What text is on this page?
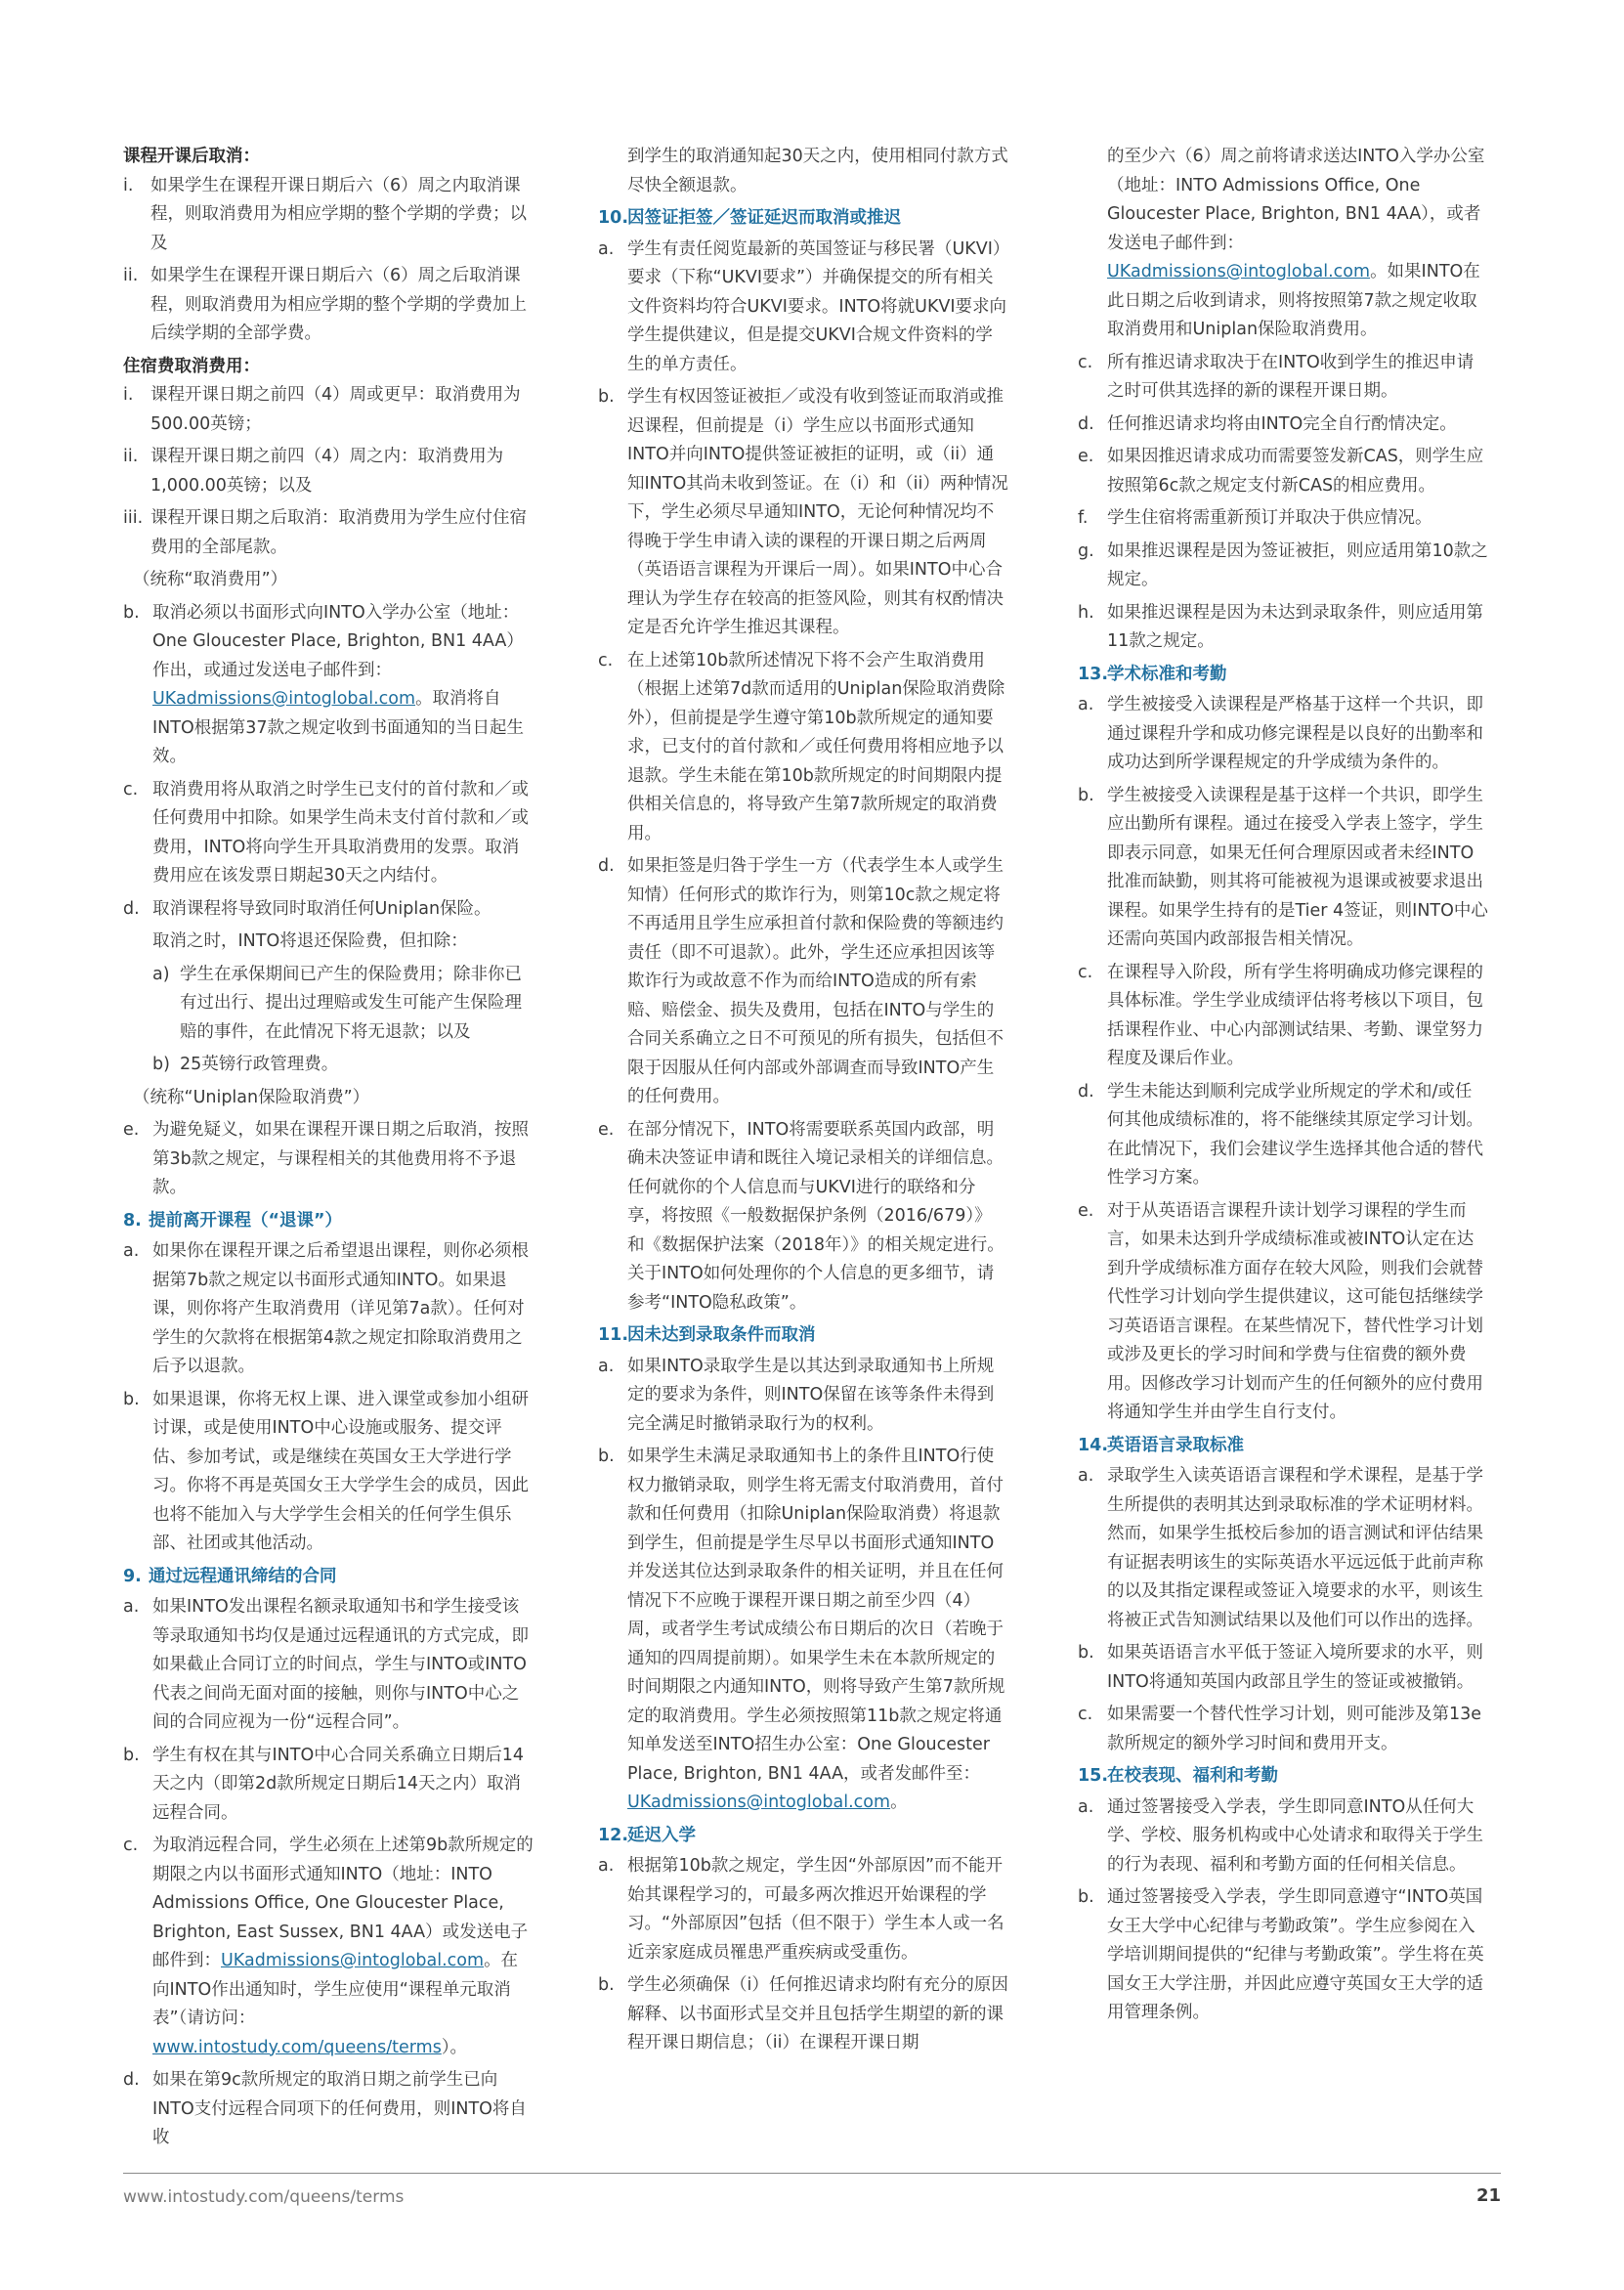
课程开课后取消：

i.	如果学生在课程开课日期后六（6）周之内取消课程，则取消费用为相应学期的整个学期的学费；以及
ii. 如果学生在课程开课日期后六（6）周之后取消课程，则取消费用为相应学期的整个学期的学费加上后续学期的全部学费。

住宿费取消费用：

i.	课程开课日期之前四（4）周或更早：取消费用为500.00英镑；
ii. 课程开课日期之前四（4）周之内：取消费用为1,000.00英镑；以及
iii. 课程开课日期之后取消：取消费用为学生应付住宿费用的全部尾款。

（统称“取消费用”）

b. 取消必须以书面形式向INTO入学办公室（地址：One Gloucester Place, Brighton, BN1 4AA）作出，或通过发送电子邮件到：UKadmissions@intoglobal.com。取消将自INTO根据第37款之规定收到书面通知的当日起生效。
c. 取消费用将从取消之时学生已支付的首付款和／或任何费用中扣除。如果学生尚未支付首付款和／或费用，INTO将向学生开具取消费用的发票。取消费用应在该发票日期起30天之内结付。
d. 取消课程将导致同时取消任何Uniplan保险。

取消之时，INTO将退还保险费，但扣除：

a) 学生在承保期间已产生的保险费用；除非你已有过出行、提出过理赔或发生可能产生保险理赔的事件，在此情况下将无退款；以及
b) 25英镑行政管理费。

（统称“Uniplan保险取消费”）

e. 为避免疑义，如果在课程开课日期之后取消，按照第3b款之规定，与课程相关的其他费用将不予退款。
8. 提前离开课程（“退课”）
a. 如果你在课程开课之后希望退出课程，则你必须根据第7b款之规定以书面形式通知INTO。如果退课，则你将产生取消费用（详见第7a款）。任何对学生的欠款将在根据第4款之规定扣除取消费用之后予以退款。
b. 如果退课，你将无权上课、进入课堂或参加小组研讨课，或是使用INTO中心设施或服务、提交评估、参加考试，或是继续在英国女王大学进行学习。你将不再是英国女王大学学生会的成员，因此也将不能加入与大学学生会相关的任何学生俱乐部、社团或其他活动。
9. 通过远程通讯缔结的合同
a. 如果INTO发出课程名额录取通知书和学生接受该等录取通知书均仅是通过远程通讯的方式完成，即如果截止合同订立的时间点，学生与INTO或INTO代表之间尚无面对面的接触，则你与INTO中心之间的合同应视为一份“远程合同”。
b. 学生有权在其与INTO中心合同关系确立日期后14天之内（即第2d款所规定日期后14天之内）取消远程合同。
c. 为取消远程合同，学生必须在上述第9b款所规定的期限之内以书面形式通知INTO（地址：INTO Admissions Office, One Gloucester Place, Brighton, East Sussex, BN1 4AA）或发送电子邮件到：UKadmissions@intoglobal.com。在向INTO作出通知时，学生应使用“课程单元取消表”（请访问：www.intostudy.com/queens/terms）。
d. 如果在第9c款所规定的取消日期之前学生已向INTO支付远程合同项下的任何费用，则INTO将自收

到学生的取消通知起30天之内，使用相同付款方式尽快全额退款。

10.
因签证拒签／签证延迟而取消或推迟
a. 学生有责任阅览最新的英国签证与移民署（UKVI）要求（下称“UKVI要求”）并确保提交的所有相关文件资料均符合UKVI要求。INTO将就UKVI要求向学生提供建议，但是提交UKVI合规文件资料的学生的单方责任。
b. 学生有权因签证被拒／或没有收到签证而取消或推迟课程，但前提是（i）学生应以书面形式通知INTO并向INTO提供签证被拒的证明，或（ii）通知INTO其尚未收到签证。在（i）和（ii）两种情况下，学生必须尽早通知INTO，无论何种情况均不得晚于学生申请入读的课程的开课日期之后两周（英语语言课程为开课后一周）。如果INTO中心合理认为学生存在较高的拒签风险，则其有权酌情决定是否允许学生推迟其课程。
c. 在上述第10b款所述情况下将不会产生取消费用（根据上述第7d款而适用的Uniplan保险取消费除外），但前提是学生遵守第10b款所规定的通知要求，已支付的首付款和／或任何费用将相应地予以退款。学生未能在第10b款所规定的时间期限内提供相关信息的，将导致产生第7款所规定的取消费用。
d. 如果拒签是归咎于学生一方（代表学生本人或学生知情）任何形式的欺诈行为，则第10c款之规定将不再适用且学生应承担首付款和保险费的等额违约责任（即不可退款）。此外，学生还应承担因该等欺诈行为或故意不作为而给INTO造成的所有索赔、赔偿金、损失及费用，包括在INTO与学生的合同关系确立之日不可预见的所有损失，包括但不限于因服从任何内部或外部调查而导致INTO产生的任何费用。
e. 在部分情况下，INTO将需要联系英国内政部，明确未决签证申请和既往入境记录相关的详细信息。任何就你的个人信息而与UKVI进行的联络和分享，将按照《一般数据保护条例（2016/679）》和《数据保护法案（2018年）》的相关规定进行。关于INTO如何处理你的个人信息的更多细节，请参考“INTO隐私政策”。
11.
因未达到录取条件而取消
a. 如果INTO录取学生是以其达到录取通知书上所规定的要求为条件，则INTO保留在该等条件未得到完全满足时撤销录取行为的权利。
b. 如果学生未满足录取通知书上的条件且INTO行使权力撤销录取，则学生将无需支付取消费用，首付款和任何费用（扣除Uniplan保险取消费）将退款到学生，但前提是学生尽早以书面形式通知INTO并发送其位达到录取条件的相关证明，并且在任何情况下不应晚于课程开课日期之前至少四（4）周，或者学生考试成绩公布日期后的次日（若晚于通知的四周提前期）。如果学生未在本款所规定的时间期限之内通知INTO，则将导致产生第7款所规定的取消费用。学生必须按照第11b款之规定将通知单发送至INTO招生办公室：One Gloucester Place, Brighton, BN1 4AA，或者发邮件至：UKadmissions@intoglobal.com。
12.
延迟入学
a. 根据第10b款之规定，学生因“外部原因”而不能开始其课程学习的，可最多两次推迟开始课程的学习。“外部原因”包括（但不限于）学生本人或一名近亲家庭成员罹患严重疾病或受重伤。
b. 学生必须确保（i）任何推迟请求均附有充分的原因解释、以书面形式呈交并且包括学生期望的新的课程开课日期信息；（ii）在课程开课日期

的至少六（6）周之前将请求送达INTO入学办公室（地址：INTO Admissions Office, One Gloucester Place, Brighton, BN1 4AA），或者发送电子邮件到：UKadmissions@intoglobal.com。如果INTO在此日期之后收到请求，则将按照第7款之规定收取取消费用和Uniplan保险取消费用。

c. 所有推迟请求取决于在INTO收到学生的推迟申请之时可供其选择的新的课程开课日期。
d. 任何推迟请求均将由INTO完全自行酌情决定。
e. 如果因推迟请求成功而需要签发新CAS，则学生应按照第6c款之规定支付新CAS的相应费用。
f.	学生住宿将需重新预订并取决于供应情况。
g. 如果推迟课程是因为签证被拒，则应适用第10款之规定。
h. 如果推迟课程是因为未达到录取条件，则应适用第11款之规定。
13.
学术标准和考勤
a. 学生被接受入读课程是严格基于这样一个共识，即通过课程升学和成功修完课程是以良好的出勤率和成功达到所学课程规定的升学成绩为条件的。
b. 学生被接受入读课程是基于这样一个共识，即学生应出勤所有课程。通过在接受入学表上签字，学生即表示同意，如果无任何合理原因或者未经INTO批准而缺勤，则其将可能被视为退课或被要求退出课程。如果学生持有的是Tier 4签证，则INTO中心还需向英国内政部报告相关情况。
c. 在课程导入阶段，所有学生将明确成功修完课程的具体标准。学生学业成绩评估将考核以下项目，包括课程作业、中心内部测试结果、考勤、课堂努力程度及课后作业。
d. 学生未能达到顺利完成学业所规定的学术和/或任何其他成绩标准的，将不能继续其原定学习计划。在此情况下，我们会建议学生选择其他合适的替代性学习方案。
e. 对于从英语语言课程升读计划学习课程的学生而言，如果未达到升学成绩标准或被INTO认定在达到升学成绩标准方面存在较大风险，则我们会就替代性学习计划向学生提供建议，这可能包括继续学习英语语言课程。在某些情况下，替代性学习计划或涉及更长的学习时间和学费与住宿费的额外费用。因修改学习计划而产生的任何额外的应付费用将通知学生并由学生自行支付。
14.
英语语言录取标准
a. 录取学生入读英语语言课程和学术课程，是基于学生所提供的表明其达到录取标准的学术证明材料。然而，如果学生抵校后参加的语言测试和评估结果有证据表明该生的实际英语水平远远低于此前声称的以及其指定课程或签证入境要求的水平，则该生将被正式告知测试结果以及他们可以作出的选择。
b. 如果英语语言水平低于签证入境所要求的水平，则INTO将通知英国内政部且学生的签证或被撤销。
c. 如果需要一个替代性学习计划，则可能涉及第13e款所规定的额外学习时间和费用开支。
15.
在校表现、福利和考勤
a. 通过签署接受入学表，学生即同意INTO从任何大学、学校、服务机构或中心处请求和取得关于学生的行为表现、福利和考勤方面的任何相关信息。
b. 通过签署接受入学表，学生即同意遵守“INTO英国女王大学中心纪律与考勤政策”。学生应参阅在入学培训期间提供的“纪律与考勤政策”。学生将在英国女王大学注册，并因此应遵守英国女王大学的适用管理条例。
www.intostudy.com/queens/terms	21
